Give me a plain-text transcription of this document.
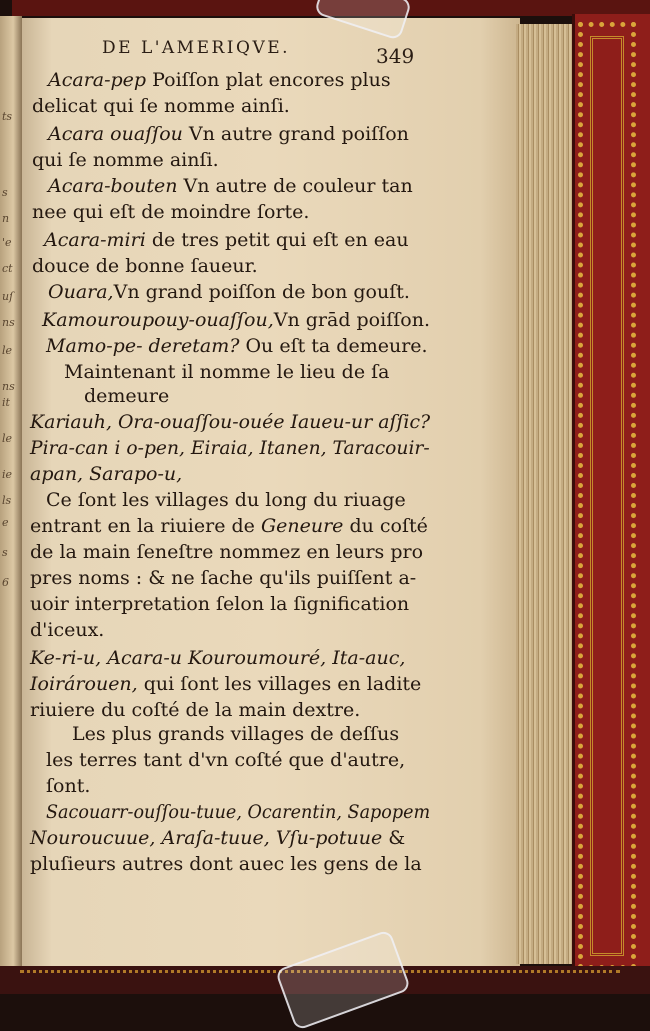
ts
s
n
'e
ct
uſ
ns
le
ns
it
le
ie
ls
e
s
6
DE L'AMERIQVE.	349
Acara-pep Poiſſon plat encores plus
delicat qui ſe nomme ainſi.
Acara ouaſſou Vn autre grand poiſſon
qui ſe nomme ainſi.
Acara-bouten Vn autre de couleur tan
nee qui eſt de moindre ſorte.
Acara-miri de tres petit qui eſt en eau
douce de bonne ſaueur.
Ouara,Vn grand poiſſon de bon gouſt.
Kamouroupouy-ouaſſou,Vn grād poiſſon.
Mamo-pe- deretam? Ou eſt ta demeure.
Maintenant il nomme le lieu de ſa
demeure
Kariauh, Ora-ouaſſou-ouée Iaueu-ur aſſic?
Pira-can i o-pen, Eiraia, Itanen, Taracouir-
apan, Sarapo-u,
Ce ſont les villages du long du riuage
entrant en la riuiere de Geneure du coſté
de la main ſeneſtre nommez en leurs pro
pres noms : & ne ſache qu'ils puiſſent a-
uoir interpretation ſelon la ſignification
d'iceux.
Ke-ri-u, Acara-u Kouroumouré, Ita-auc,
Ioirárouen, qui ſont les villages en ladite
riuiere du coſté de la main dextre.
Les plus grands villages de deſſus
les terres tant d'vn coſté que d'autre,
ſont.
Sacouarr-ouſſou-tuue, Ocarentin, Sapopem
Nouroucuue, Araſa-tuue, Vſu-potuue &
pluſieurs autres dont auec les gens de la
